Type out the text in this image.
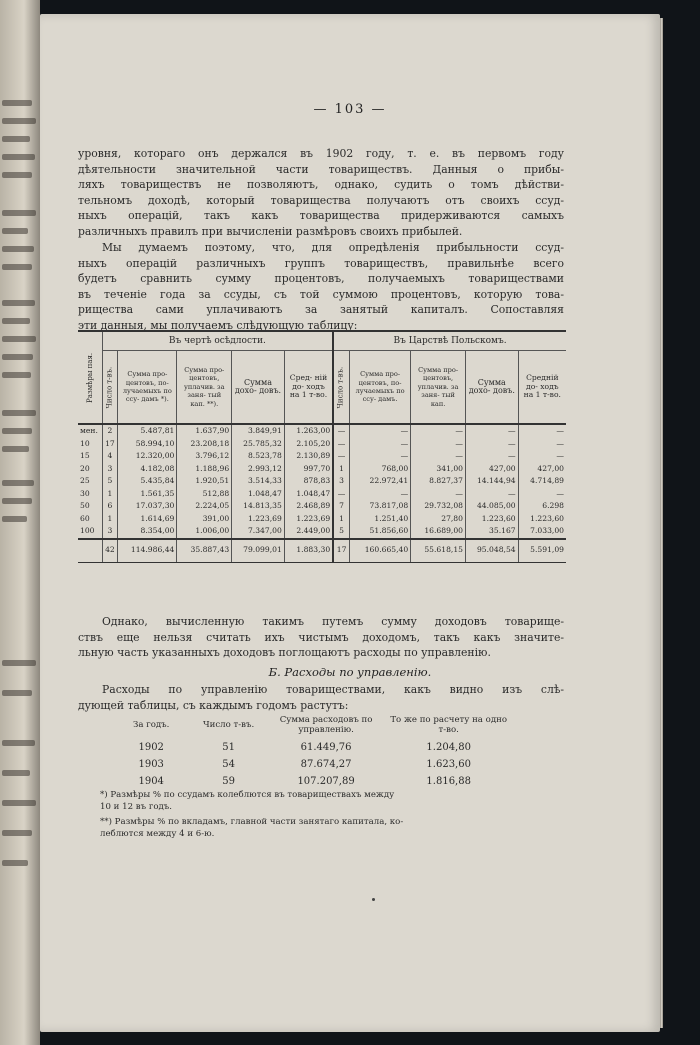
— 103 —
уровня, котораго онъ держался въ 1902 году, т. е. въ первомъ году
дѣятельности значительной части товариществъ. Данныя о прибы-
ляхъ товариществъ не позволяютъ, однако, судить о томъ дѣйстви-
тельномъ доходѣ, который товарищества получаютъ отъ своихъ ссуд-
ныхъ операцій, такъ какъ товарищества придерживаются самыхъ
различныхъ правилъ при вычисленіи размѣровъ своихъ прибылей.
Мы думаемъ поэтому, что, для опредѣленія прибыльности ссуд-
ныхъ операцій различныхъ группъ товариществъ, правильнѣе всего
будетъ сравнить сумму процентовъ, получаемыхъ товариществами
въ теченіе года за ссуды, съ той суммою процентовъ, которую това-
рищества сами уплачиваютъ за занятый капиталъ. Сопоставляя
эти данныя, мы получаемъ слѣдующую таблицу:
Размѣры пая.	Въ чертѣ осѣдлости.					Въ Царствѣ Польскомъ.				
	Число т-въ.	Сумма про- центовъ, по- лучаемыхъ по ссу- дамъ *).	Сумма про- центовъ, уплачив. за заня- тый кап. **).	Сумма дохо- довъ.	Сред- ній до- ходъ на 1 т-во.	Число т-въ.	Сумма про- центовъ, по- лучаемыхъ по ссу- дамъ.	Сумма про- центовъ, уплачив. за заня- тый кап.	Сумма дохо- довъ.	Средній до- ходъ на 1 т-во.
мен.	2	5.487,81	1.637,90	3.849,91	1.263,00	—	—	—	—	—
10	17	58.994,10	23.208,18	25.785,32	2.105,20	—	—	—	—	—
15	4	12.320,00	3.796,12	8.523,78	2.130,89	—	—	—	—	—
20	3	4.182,08	1.188,96	2.993,12	997,70	1	768,00	341,00	427,00	427,00
25	5	5.435,84	1.920,51	3.514,33	878,83	3	22.972,41	8.827,37	14.144,94	4.714,89
30	1	1.561,35	512,88	1.048,47	1.048,47	—	—	—	—	—
50	6	17.037,30	2.224,05	14.813,35	2.468,89	7	73.817,08	29.732,08	44.085,00	6.298
60	1	1.614,69	391,00	1.223,69	1.223,69	1	1.251,40	27,80	1.223,60	1.223,60
100	3	8.354,00	1.006,00	7.347,00	2.449,00	5	51.856,60	16.689,00	35.167	7.033,00
	42	114.986,44	35.887,43	79.099,01	1.883,30	17	160.665,40	55.618,15	95.048,54	5.591,09
Однако, вычисленную такимъ путемъ сумму доходовъ товарище-
ствъ еще нельзя считать ихъ чистымъ доходомъ, такъ какъ значите-
льную часть указанныхъ доходовъ поглощаютъ расходы по управленію.
Б. Расходы по управленію.
Расходы по управленію товариществами, какъ видно изъ слѣ-
дующей таблицы, съ каждымъ годомъ растутъ:
За годъ.	Число т-въ.	Сумма расходовъ по управленію.	То же по расчету на одно т-во.
1902	51	61.449,76	1.204,80
1903	54	87.674,27	1.623,60
1904	59	107.207,89	1.816,88
*) Размѣры % по ссудамъ колеблются въ товариществахъ между
10 и 12 въ годъ.
**) Размѣры % по вкладамъ, главной части занятаго капитала, ко-
леблются между 4 и 6-ю.
